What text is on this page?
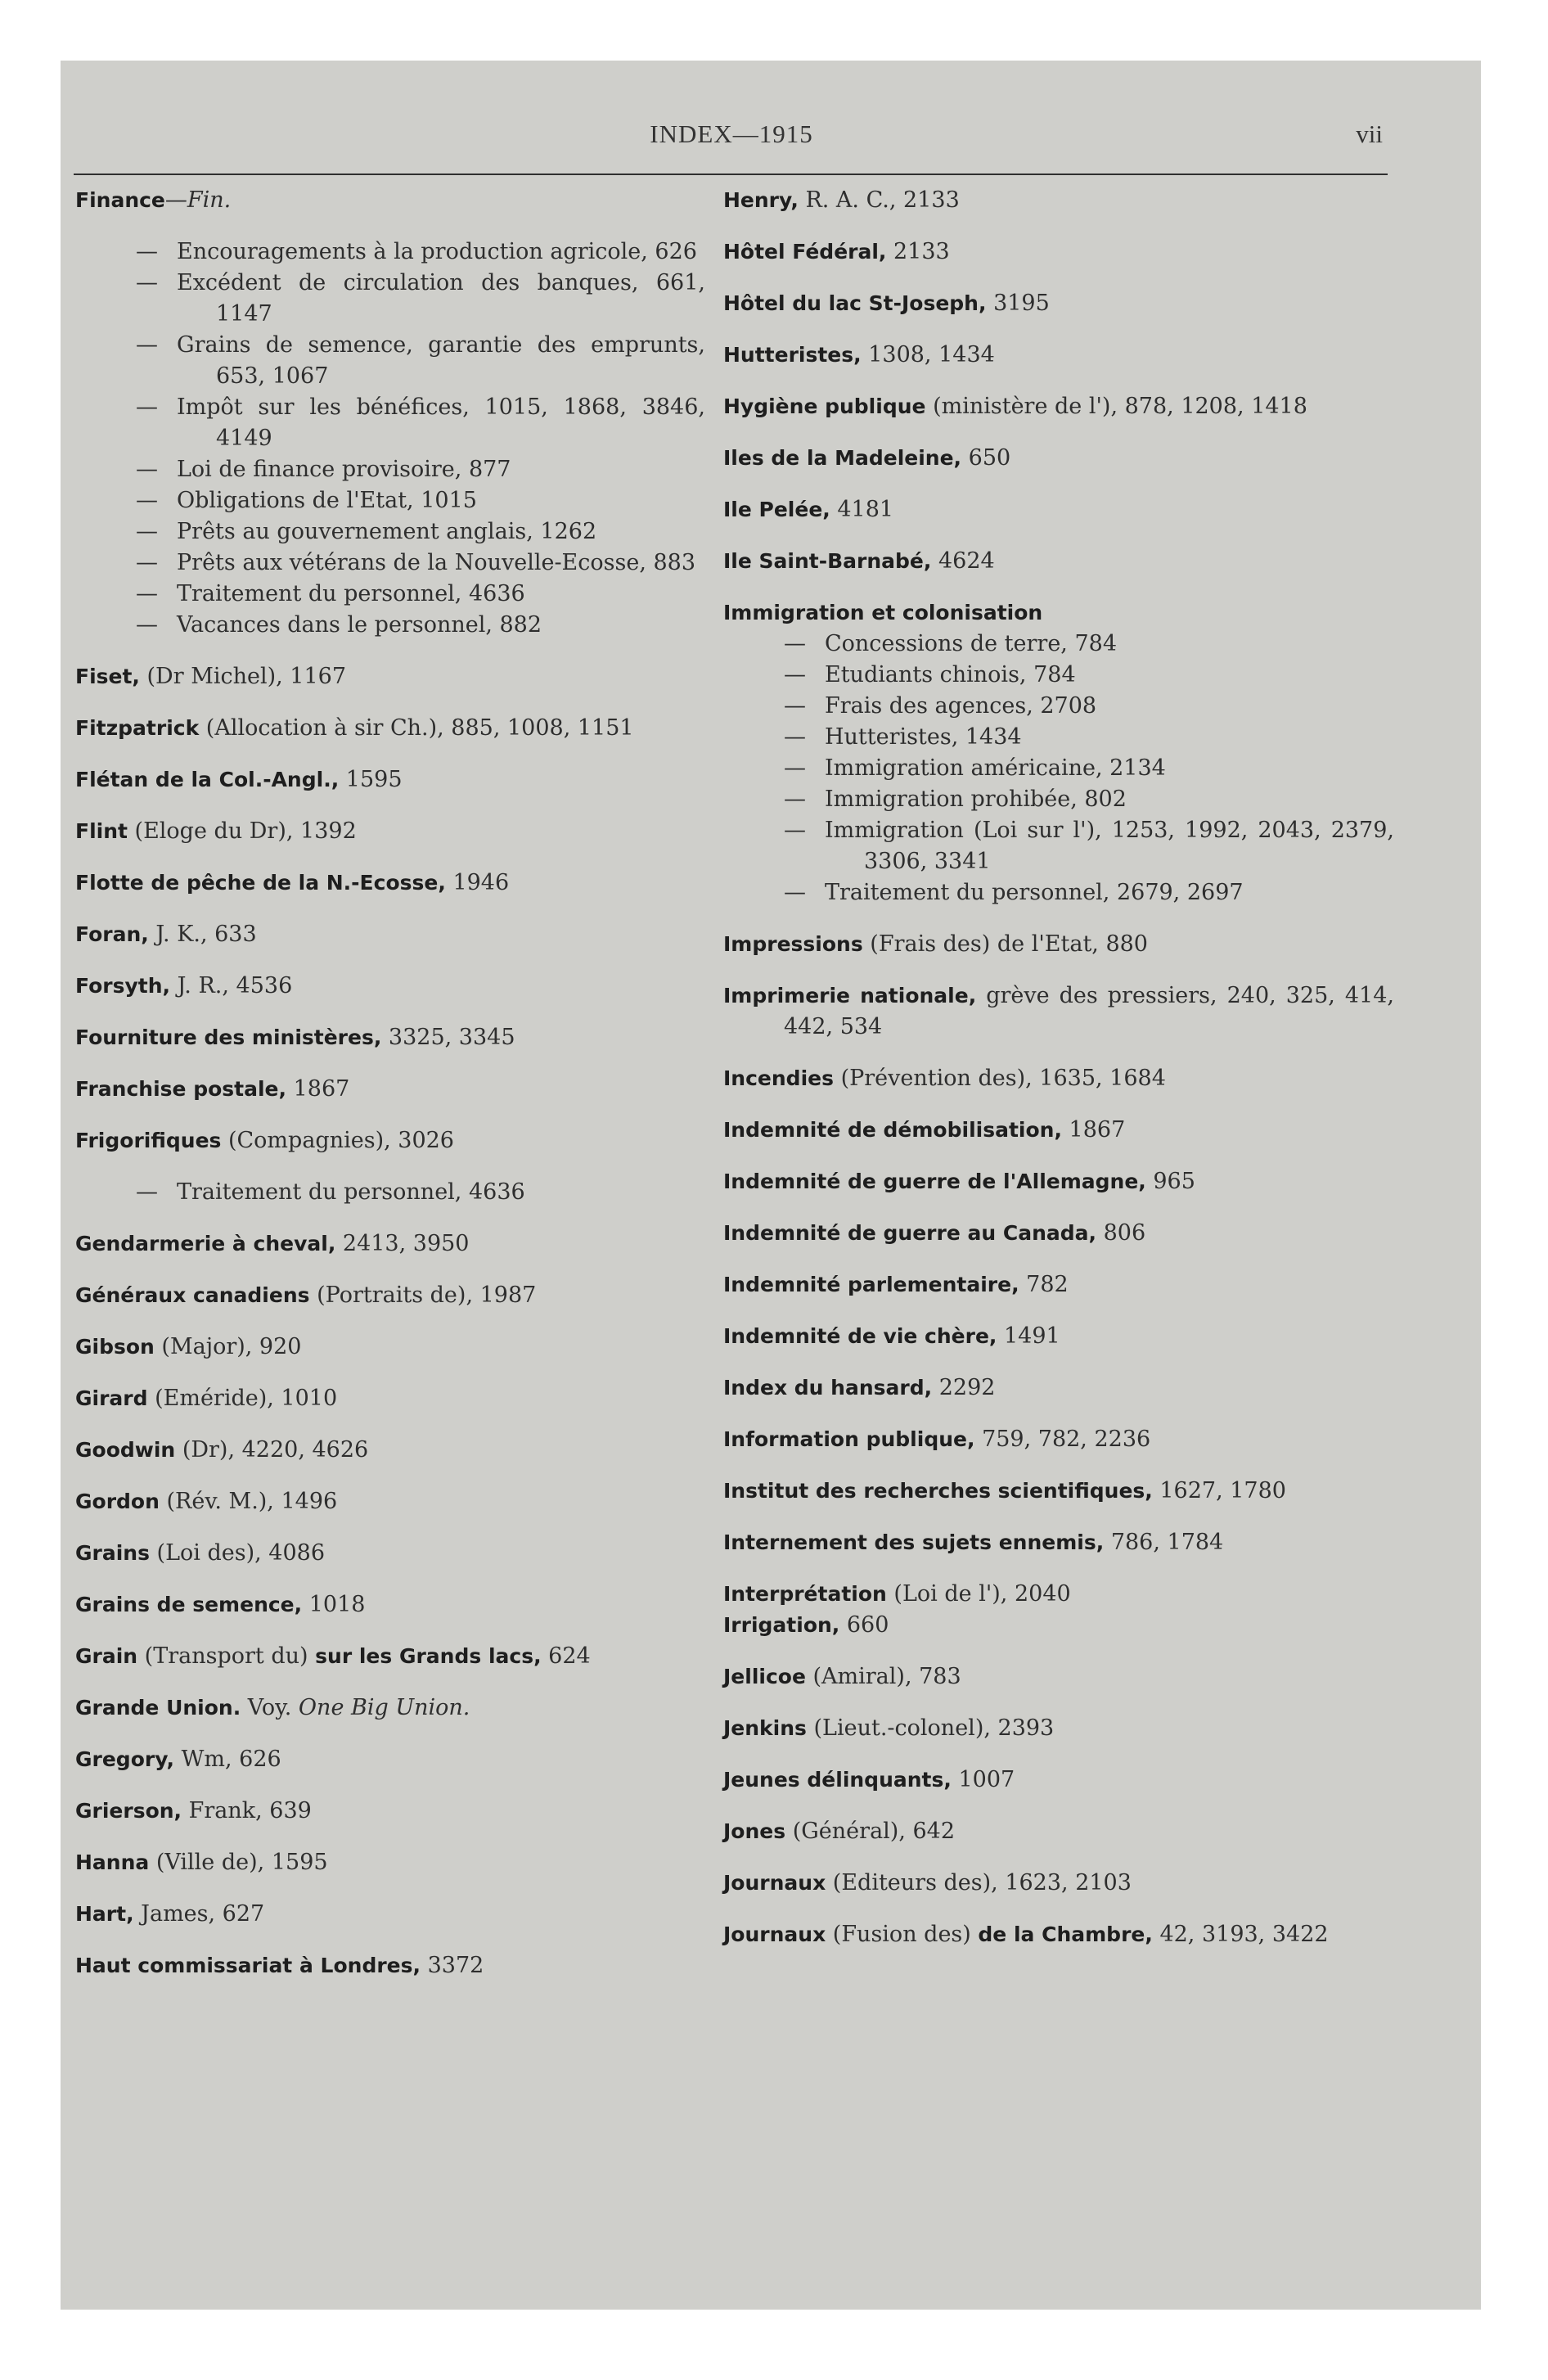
INDEX—1915	vii
Finance—Fin.
— Encouragements à la production agricole, 626
— Excédent de circulation des banques, 661, 1147
— Grains de semence, garantie des emprunts, 653, 1067
— Impôt sur les bénéfices, 1015, 1868, 3846, 4149
— Loi de finance provisoire, 877
— Obligations de l'Etat, 1015
— Prêts au gouvernement anglais, 1262
— Prêts aux vétérans de la Nouvelle-Ecosse, 883
— Traitement du personnel, 4636
— Vacances dans le personnel, 882
Fiset, (Dr Michel), 1167
Fitzpatrick (Allocation à sir Ch.), 885, 1008, 1151
Flétan de la Col.-Angl., 1595
Flint (Eloge du Dr), 1392
Flotte de pêche de la N.-Ecosse, 1946
Foran, J. K., 633
Forsyth, J. R., 4536
Fourniture des ministères, 3325, 3345
Franchise postale, 1867
Frigorifiques (Compagnies), 3026
— Traitement du personnel, 4636
Gendarmerie à cheval, 2413, 3950
Généraux canadiens (Portraits de), 1987
Gibson (Major), 920
Girard (Eméride), 1010
Goodwin (Dr), 4220, 4626
Gordon (Rév. M.), 1496
Grains (Loi des), 4086
Grains de semence, 1018
Grain (Transport du) sur les Grands lacs, 624
Grande Union. Voy. One Big Union.
Gregory, Wm, 626
Grierson, Frank, 639
Hanna (Ville de), 1595
Hart, James, 627
Haut commissariat à Londres, 3372
Henry, R. A. C., 2133
Hôtel Fédéral, 2133
Hôtel du lac St-Joseph, 3195
Hutteristes, 1308, 1434
Hygiène publique (ministère de l'), 878, 1208, 1418
Iles de la Madeleine, 650
Ile Pelée, 4181
Ile Saint-Barnabé, 4624
Immigration et colonisation
— Concessions de terre, 784
— Etudiants chinois, 784
— Frais des agences, 2708
— Hutteristes, 1434
— Immigration américaine, 2134
— Immigration prohibée, 802
— Immigration (Loi sur l'), 1253, 1992, 2043, 2379, 3306, 3341
— Traitement du personnel, 2679, 2697
Impressions (Frais des) de l'Etat, 880
Imprimerie nationale, grève des pressiers, 240, 325, 414, 442, 534
Incendies (Prévention des), 1635, 1684
Indemnité de démobilisation, 1867
Indemnité de guerre de l'Allemagne, 965
Indemnité de guerre au Canada, 806
Indemnité parlementaire, 782
Indemnité de vie chère, 1491
Index du hansard, 2292
Information publique, 759, 782, 2236
Institut des recherches scientifiques, 1627, 1780
Internement des sujets ennemis, 786, 1784
Interprétation (Loi de l'), 2040
Irrigation, 660
Jellicoe (Amiral), 783
Jenkins (Lieut.-colonel), 2393
Jeunes délinquants, 1007
Jones (Général), 642
Journaux (Editeurs des), 1623, 2103
Journaux (Fusion des) de la Chambre, 42, 3193, 3422
